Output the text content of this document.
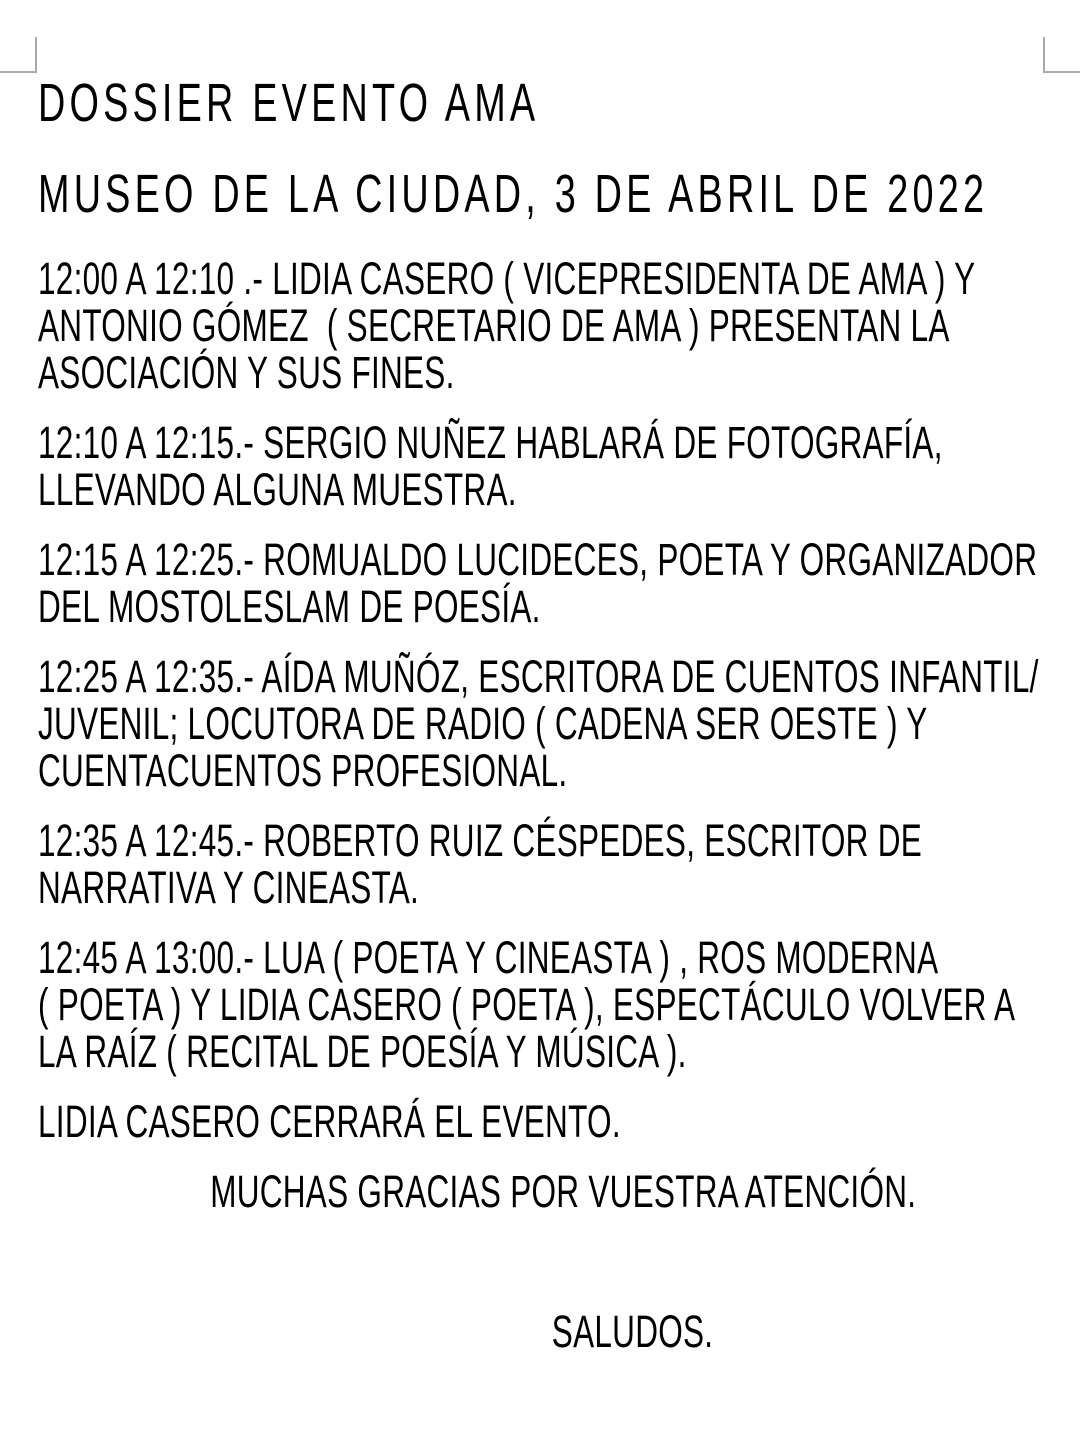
DOSSIER EVENTO AMA
MUSEO DE LA CIUDAD, 3 DE ABRIL DE 2022

12:00 A 12:10 .- LIDIA CASERO ( VICEPRESIDENTA DE AMA ) Y
ANTONIO GÓMEZ  ( SECRETARIO DE AMA ) PRESENTAN LA
ASOCIACIÓN Y SUS FINES.

12:10 A 12:15.- SERGIO NUÑEZ HABLARÁ DE FOTOGRAFÍA,
LLEVANDO ALGUNA MUESTRA.

12:15 A 12:25.- ROMUALDO LUCIDECES, POETA Y ORGANIZADOR
DEL MOSTOLESLAM DE POESÍA.

12:25 A 12:35.- AÍDA MUÑÓZ, ESCRITORA DE CUENTOS INFANTIL/
JUVENIL; LOCUTORA DE RADIO ( CADENA SER OESTE ) Y
CUENTACUENTOS PROFESIONAL.

12:35 A 12:45.- ROBERTO RUIZ CÉSPEDES, ESCRITOR DE
NARRATIVA Y CINEASTA.

12:45 A 13:00.- LUA ( POETA Y CINEASTA ) , ROS MODERNA
( POETA ) Y LIDIA CASERO ( POETA ), ESPECTÁCULO VOLVER A
LA RAÍZ ( RECITAL DE POESÍA Y MÚSICA ).

LIDIA CASERO CERRARÁ EL EVENTO.

MUCHAS GRACIAS POR VUESTRA ATENCIÓN.

SALUDOS.
